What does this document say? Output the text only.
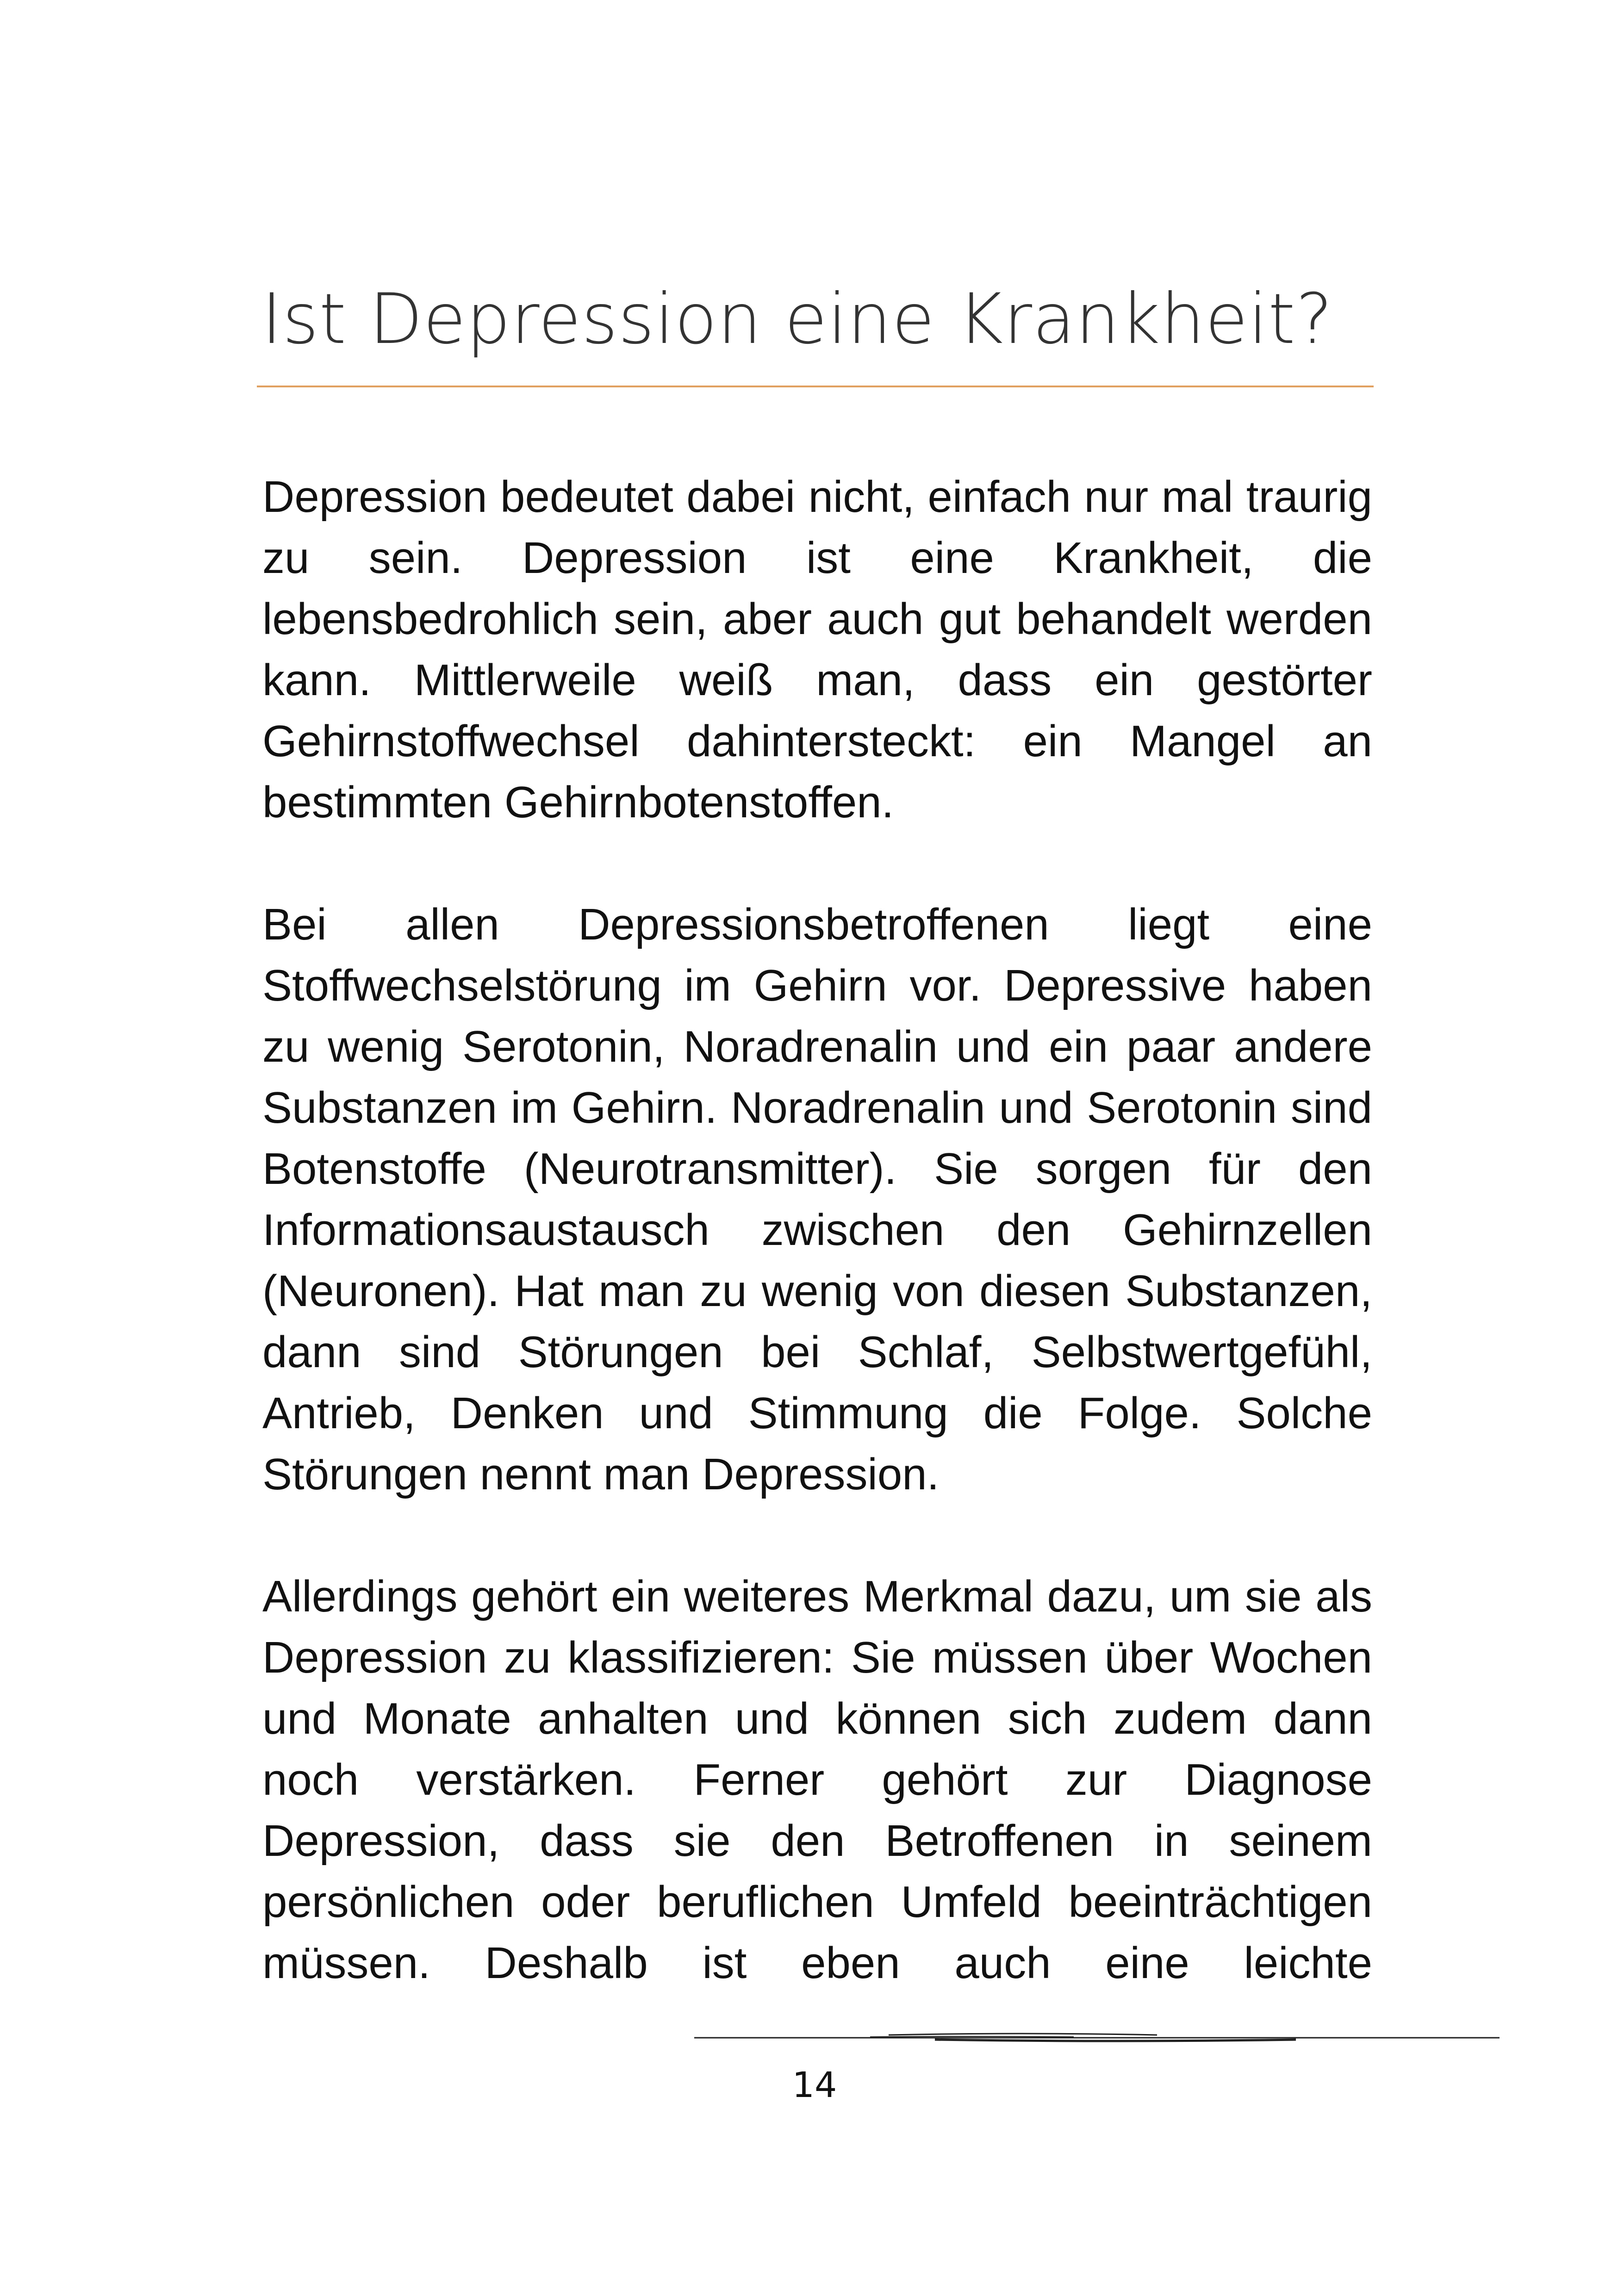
Ist Depression eine Krankheit?

Depression bedeutet dabei nicht, einfach nur mal traurig zu sein. Depression ist eine Krankheit, die lebensbedrohlich sein, aber auch gut behandelt werden kann. Mittlerweile weiß man, dass ein gestörter Gehirnstoffwechsel dahintersteckt: ein Mangel an bestimmten Gehirnbotenstoffen.

Bei allen Depressionsbetroffenen liegt eine Stoffwechselstörung im Gehirn vor. Depressive haben zu wenig Serotonin, Noradrenalin und ein paar andere Substanzen im Gehirn. Noradrenalin und Serotonin sind Botenstoffe (Neurotransmitter). Sie sorgen für den Informationsaustausch zwischen den Gehirnzellen (Neuronen). Hat man zu wenig von diesen Substanzen, dann sind Störungen bei Schlaf, Selbstwertgefühl, Antrieb, Denken und Stimmung die Folge. Solche Störungen nennt man Depression.

Allerdings gehört ein weiteres Merkmal dazu, um sie als Depression zu klassifizieren: Sie müssen über Wochen und Monate anhalten und können sich zudem dann noch verstärken. Ferner gehört zur Diagnose Depression, dass sie den Betroffenen in seinem persönlichen oder beruflichen Umfeld beeinträchtigen müssen. Deshalb ist eben auch eine leichte

14
